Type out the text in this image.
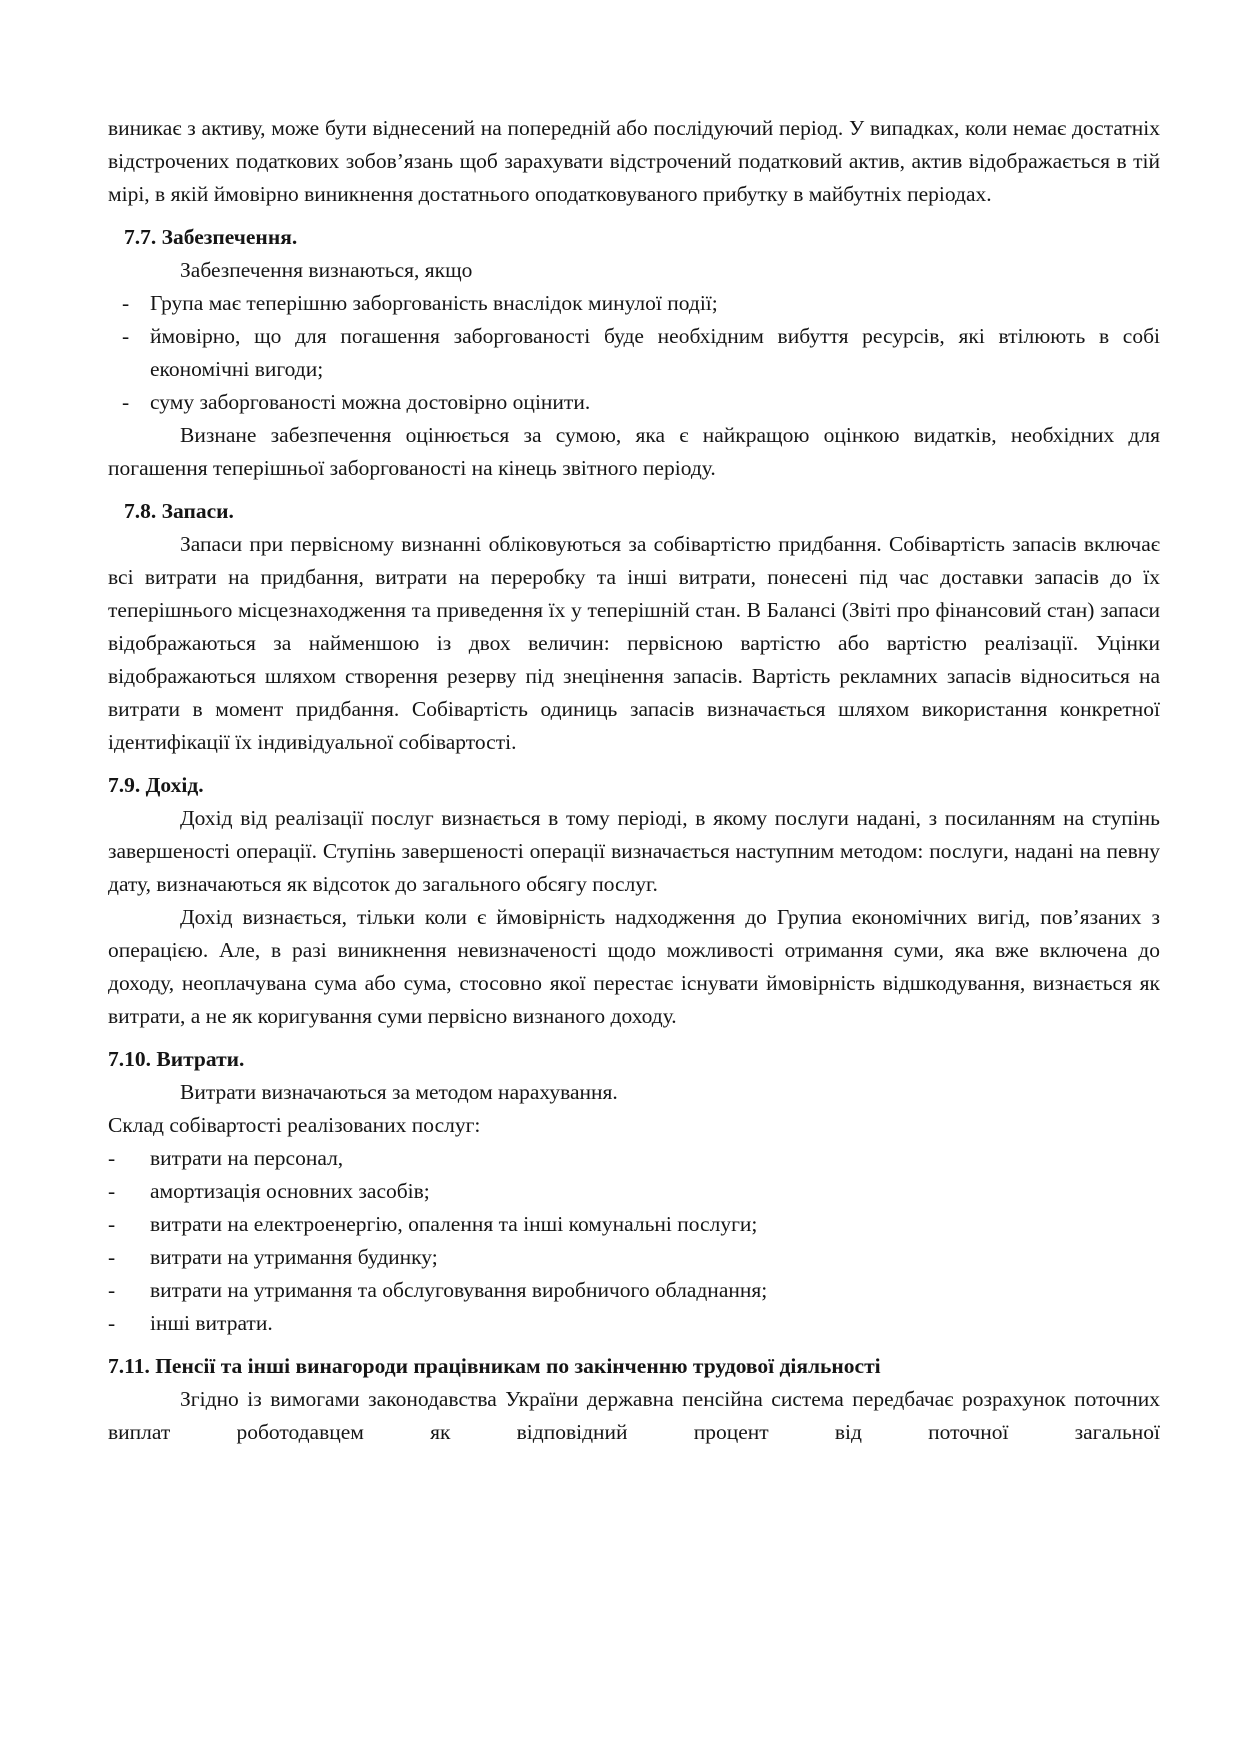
виникає з активу, може бути віднесений на попередній або послідуючий період. У випадках, коли немає достатніх відстрочених податкових зобов’язань щоб зарахувати відстрочений податковий актив, актив відображається в тій мірі, в якій ймовірно виникнення достатнього оподатковуваного прибутку в майбутніх періодах.

7.7. Забезпечення.
Забезпечення визнаються, якщо
- Група має теперішню заборгованість внаслідок минулої події;
- ймовірно, що для погашення заборгованості буде необхідним вибуття ресурсів, які втілюють в собі економічні вигоди;
- суму заборгованості можна достовірно оцінити.

Визнане забезпечення оцінюється за сумою, яка є найкращою оцінкою видатків, необхідних для погашення теперішньої заборгованості на кінець звітного періоду.

7.8. Запаси.

Запаси при первісному визнанні обліковуються за собівартістю придбання. Собівартість запасів включає всі витрати на придбання, витрати на переробку та інші витрати, понесені під час доставки запасів до їх теперішнього місцезнаходження та приведення їх у теперішній стан. В Балансі (Звіті про фінансовий стан) запаси відображаються за найменшою із двох величин: первісною вартістю або вартістю реалізації. Уцінки відображаються шляхом створення резерву під знецінення запасів. Вартість рекламних запасів відноситься на витрати в момент придбання. Собівартість одиниць запасів визначається шляхом використання конкретної ідентифікації їх індивідуальної собівартості.

7.9. Дохід.

Дохід від реалізації послуг визнається в тому періоді, в якому послуги надані, з посиланням на ступінь завершеності операції. Ступінь завершеності операції визначається наступним методом: послуги, надані на певну дату, визначаються як відсоток до загального обсягу послуг.

Дохід визнається, тільки коли є ймовірність надходження до Групиа економічних вигід, пов’язаних з операцією. Але, в разі виникнення невизначеності щодо можливості отримання суми, яка вже включена до доходу, неоплачувана сума або сума, стосовно якої перестає існувати ймовірність відшкодування, визнається як витрати, а не як коригування суми первісно визнаного доходу.

7.10. Витрати.
Витрати визначаються за методом нарахування.
Склад собівартості реалізованих послуг:
- витрати на персонал,
- амортизація основних засобів;
- витрати на електроенергію, опалення та інші комунальні послуги;
- витрати на утримання будинку;
- витрати на утримання та обслуговування виробничого обладнання;
- інші витрати.
7.11. Пенсії та інші винагороди працівникам по закінченню трудової діяльності

Згідно із вимогами законодавства України державна пенсійна система передбачає розрахунок поточних виплат роботодавцем як відповідний процент від поточної загальної
